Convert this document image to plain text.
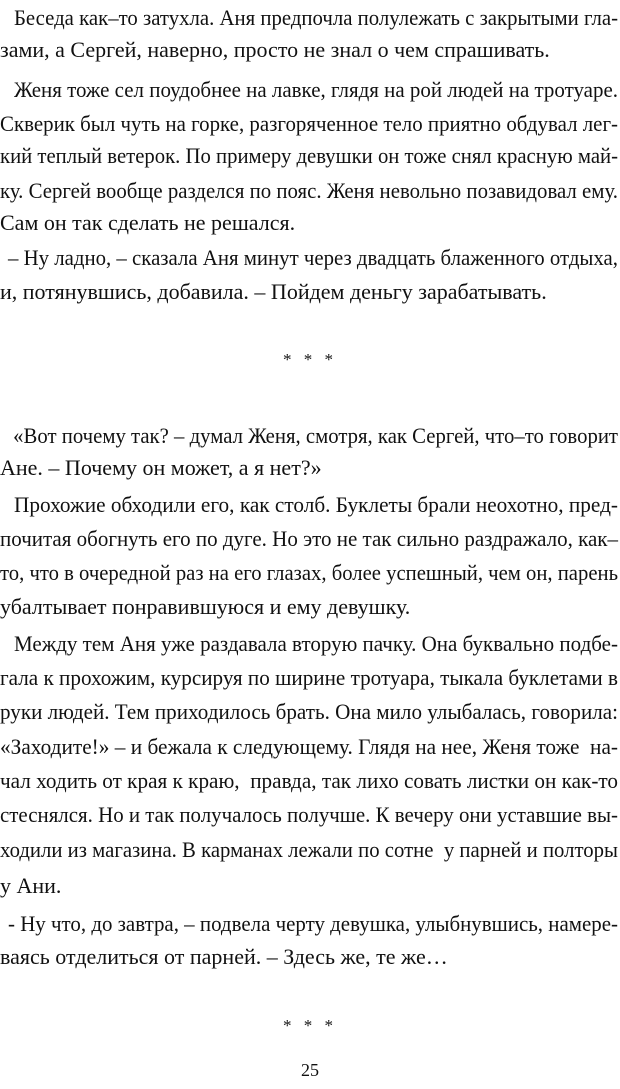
Беседа как–то затухла. Аня предпочла полулежать с закрытыми гла-
зами, а Сергей, наверно, просто не знал о чем спрашивать.
Женя тоже сел поудобнее на лавке, глядя на рой людей на тротуаре.
Скверик был чуть на горке, разгоряченное тело приятно обдувал лег-
кий теплый ветерок. По примеру девушки он тоже снял красную май-
ку. Сергей вообще разделся по пояс. Женя невольно позавидовал ему.
Сам он так сделать не решался.
– Ну ладно, – сказала Аня минут через двадцать блаженного отдыха,
и, потянувшись, добавила. – Пойдем деньгу зарабатывать.
* * *
«Вот почему так? – думал Женя, смотря, как Сергей, что–то говорит
Ане. – Почему он может, а я нет?»
Прохожие обходили его, как столб. Буклеты брали неохотно, пред-
почитая обогнуть его по дуге. Но это не так сильно раздражало, как–
то, что в очередной раз на его глазах, более успешный, чем он, парень
убалтывает понравившуюся и ему девушку.
Между тем Аня уже раздавала вторую пачку. Она буквально подбе-
гала к прохожим, курсируя по ширине тротуара, тыкала буклетами в
руки людей. Тем приходилось брать. Она мило улыбалась, говорила:
«Заходите!» – и бежала к следующему. Глядя на нее, Женя тоже  на-
чал ходить от края к краю,  правда, так лихо совать листки он как-то
стеснялся. Но и так получалось получше. К вечеру они уставшие вы-
ходили из магазина. В карманах лежали по сотне  у парней и полторы
у Ани.
- Ну что, до завтра, – подвела черту девушка, улыбнувшись, намере-
ваясь отделиться от парней. – Здесь же, те же…
* * *
25
